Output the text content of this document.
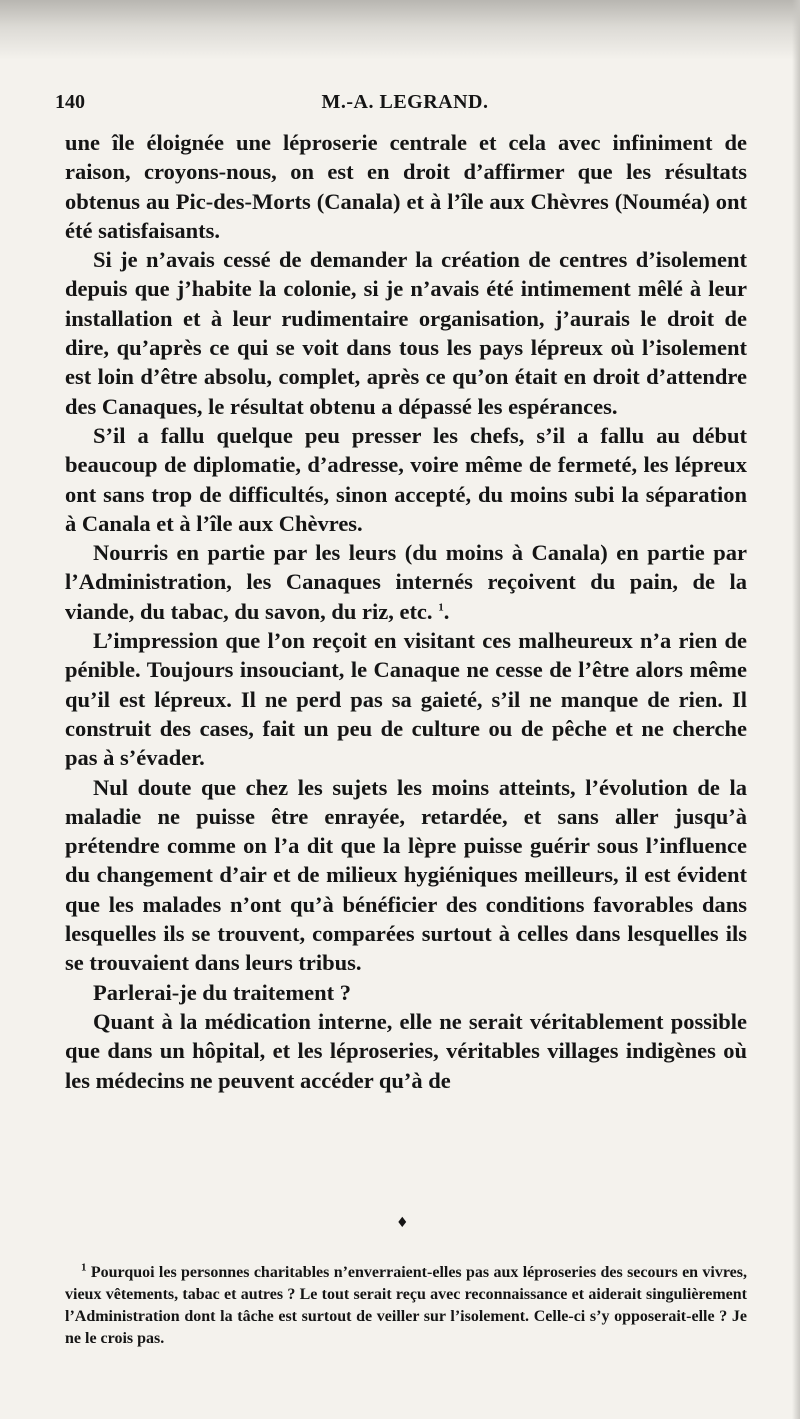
140	M.-A. LEGRAND.

une île éloignée une léproserie centrale et cela avec infiniment de raison, croyons-nous, on est en droit d’affirmer que les résultats obtenus au Pic-des-Morts (Canala) et à l’île aux Chèvres (Nouméa) ont été satisfaisants.

Si je n’avais cessé de demander la création de centres d’isolement depuis que j’habite la colonie, si je n’avais été intimement mêlé à leur installation et à leur rudimentaire organisation, j’aurais le droit de dire, qu’après ce qui se voit dans tous les pays lépreux où l’isolement est loin d’être absolu, complet, après ce qu’on était en droit d’attendre des Canaques, le résultat obtenu a dépassé les espérances.

S’il a fallu quelque peu presser les chefs, s’il a fallu au début beaucoup de diplomatie, d’adresse, voire même de fermeté, les lépreux ont sans trop de difficultés, sinon accepté, du moins subi la séparation à Canala et à l’île aux Chèvres.

Nourris en partie par les leurs (du moins à Canala) en partie par l’Administration, les Canaques internés reçoivent du pain, de la viande, du tabac, du savon, du riz, etc. $^1$.

L’impression que l’on reçoit en visitant ces malheureux n’a rien de pénible. Toujours insouciant, le Canaque ne cesse de l’être alors même qu’il est lépreux. Il ne perd pas sa gaieté, s’il ne manque de rien. Il construit des cases, fait un peu de culture ou de pêche et ne cherche pas à s’évader.

Nul doute que chez les sujets les moins atteints, l’évolution de la maladie ne puisse être enrayée, retardée, et sans aller jusqu’à prétendre comme on l’a dit que la lèpre puisse guérir sous l’influence du changement d’air et de milieux hygiéniques meilleurs, il est évident que les malades n’ont qu’à bénéficier des conditions favorables dans lesquelles ils se trouvent, comparées surtout à celles dans lesquelles ils se trouvaient dans leurs tribus.

Parlerai-je du traitement ?

Quant à la médication interne, elle ne serait véritablement possible que dans un hôpital, et les léproseries, véritables villages indigènes où les médecins ne peuvent accéder qu’à de

♦

$^1$ Pourquoi les personnes charitables n’enverraient-elles pas aux léproseries des secours en vivres, vieux vêtements, tabac et autres ? Le tout serait reçu avec reconnaissance et aiderait singulièrement l’Administration dont la tâche est surtout de veiller sur l’isolement. Celle-ci s’y opposerait-elle ? Je ne le crois pas.
